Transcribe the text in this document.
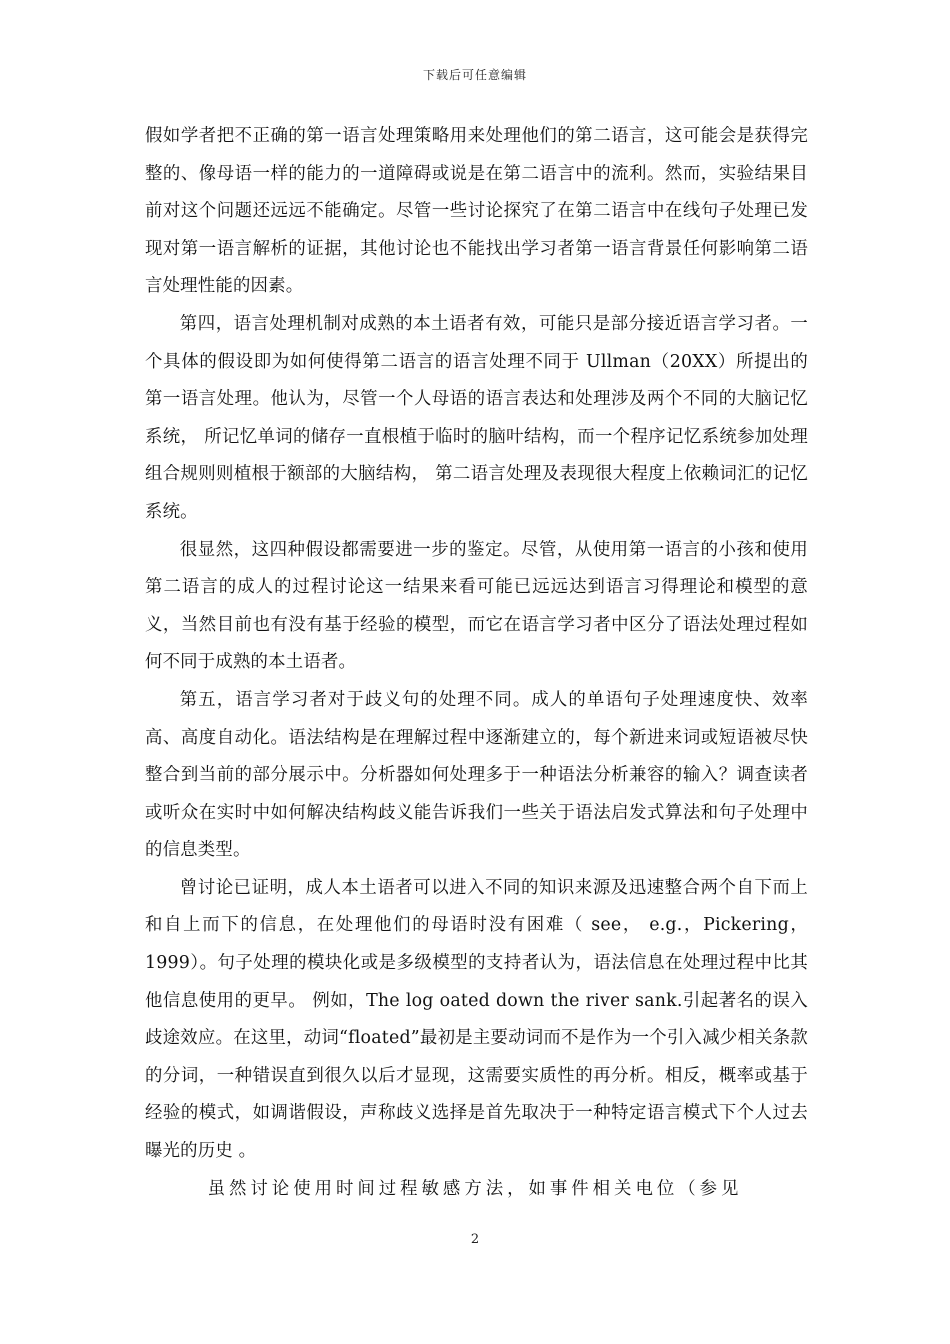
下载后可任意编辑

假如学者把不正确的第一语言处理策略用来处理他们的第二语言，这可能会是获得完整的、像母语一样的能力的一道障碍或说是在第二语言中的流利。然而，实验结果目前对这个问题还远远不能确定。尽管一些讨论探究了在第二语言中在线句子处理已发现对第一语言解析的证据，其他讨论也不能找出学习者第一语言背景任何影响第二语言处理性能的因素。

第四，语言处理机制对成熟的本土语者有效，可能只是部分接近语言学习者。一个具体的假设即为如何使得第二语言的语言处理不同于 Ullman（20XX）所提出的第一语言处理。他认为，尽管一个人母语的语言表达和处理涉及两个不同的大脑记忆系统， 所记忆单词的储存一直根植于临时的脑叶结构，而一个程序记忆系统参加处理组合规则则植根于额部的大脑结构， 第二语言处理及表现很大程度上依赖词汇的记忆系统。

很显然，这四种假设都需要进一步的鉴定。尽管，从使用第一语言的小孩和使用第二语言的成人的过程讨论这一结果来看可能已远远达到语言习得理论和模型的意义，当然目前也有没有基于经验的模型，而它在语言学习者中区分了语法处理过程如何不同于成熟的本土语者。

第五，语言学习者对于歧义句的处理不同。成人的单语句子处理速度快、效率高、高度自动化。语法结构是在理解过程中逐渐建立的，每个新进来词或短语被尽快整合到当前的部分展示中。分析器如何处理多于一种语法分析兼容的输入？调查读者或听众在实时中如何解决结构歧义能告诉我们一些关于语法启发式算法和句子处理中的信息类型。

曾讨论已证明，成人本土语者可以进入不同的知识来源及迅速整合两个自下而上和自上而下的信息，在处理他们的母语时没有困难（ see， e.g.，Pickering， 1999）。句子处理的模块化或是多级模型的支持者认为，语法信息在处理过程中比其他信息使用的更早。 例如，The log oated down the river sank.引起著名的误入歧途效应。在这里，动词“floated”最初是主要动词而不是作为一个引入减少相关条款的分词，一种错误直到很久以后才显现，这需要实质性的再分析。相反，概率或基于经验的模式，如调谐假设，声称歧义选择是首先取决于一种特定语言模式下个人过去曝光的历史 。

虽然讨论使用时间过程敏感方法，如事件相关电位（参见

2
